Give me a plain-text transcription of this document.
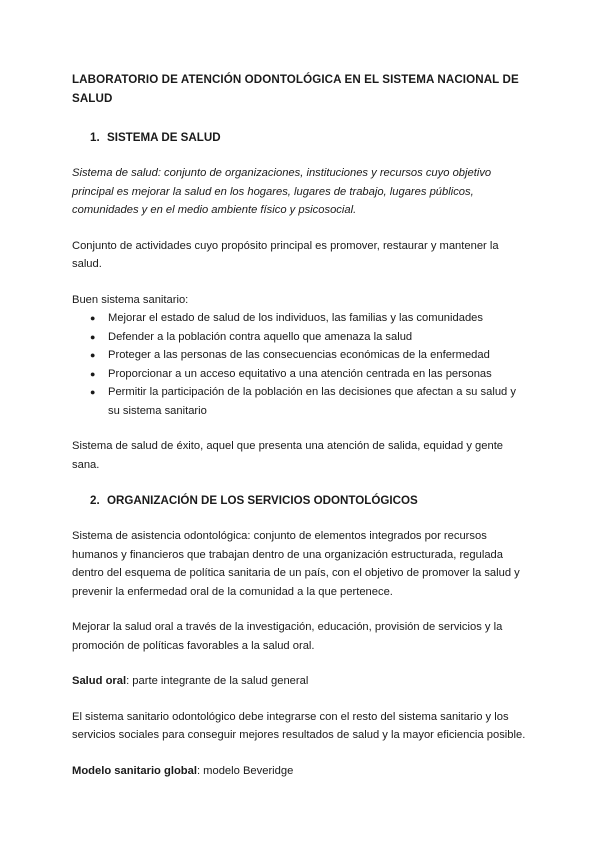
LABORATORIO DE ATENCIÓN ODONTOLÓGICA EN EL SISTEMA NACIONAL DE SALUD
1. SISTEMA DE SALUD

Sistema de salud: conjunto de organizaciones, instituciones y recursos cuyo objetivo principal es mejorar la salud en los hogares, lugares de trabajo, lugares públicos, comunidades y en el medio ambiente físico y psicosocial.

Conjunto de actividades cuyo propósito principal es promover, restaurar y mantener la salud.

Buen sistema sanitario:

●	Mejorar el estado de salud de los individuos, las familias y las comunidades
●	Defender a la población contra aquello que amenaza la salud
●	Proteger a las personas de las consecuencias económicas de la enfermedad
●	Proporcionar a un acceso equitativo a una atención centrada en las personas
●	Permitir la participación de la población en las decisiones que afectan a su salud y su sistema sanitario

Sistema de salud de éxito, aquel que presenta una atención de salida, equidad y gente sana.

2. ORGANIZACIÓN DE LOS SERVICIOS ODONTOLÓGICOS

Sistema de asistencia odontológica: conjunto de elementos integrados por recursos humanos y financieros que trabajan dentro de una organización estructurada, regulada dentro del esquema de política sanitaria de un país, con el objetivo de promover la salud y prevenir la enfermedad oral de la comunidad a la que pertenece.

Mejorar la salud oral a través de la investigación, educación, provisión de servicios y la promoción de políticas favorables a la salud oral.

Salud oral: parte integrante de la salud general

El sistema sanitario odontológico debe integrarse con el resto del sistema sanitario y los servicios sociales para conseguir mejores resultados de salud y la mayor eficiencia posible.

Modelo sanitario global: modelo Beveridge
